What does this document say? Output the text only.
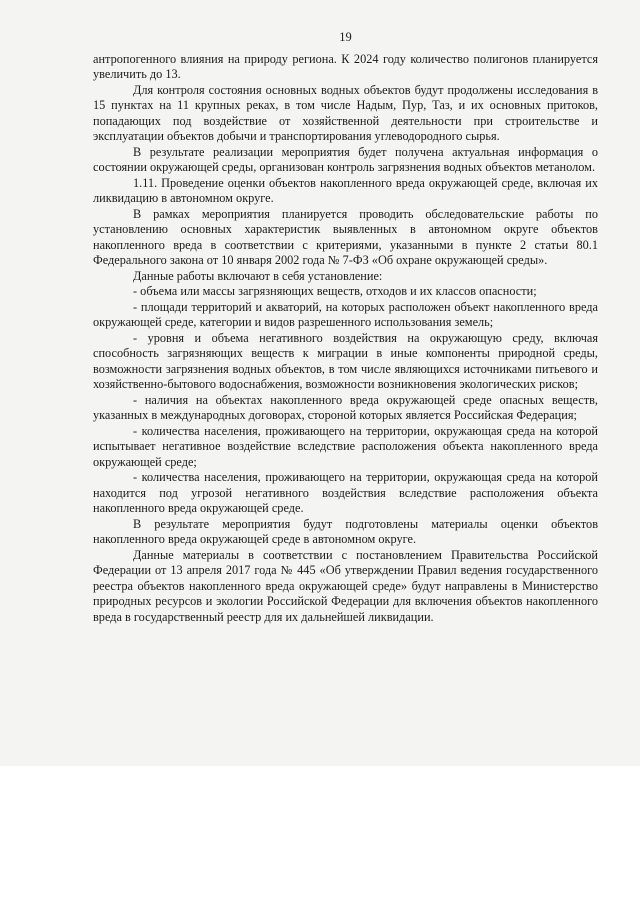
19

антропогенного влияния на природу региона. К 2024 году количество полигонов планируется увеличить до 13.

Для контроля состояния основных водных объектов будут продолжены исследования в 15 пунктах на 11 крупных реках, в том числе Надым, Пур, Таз, и их основных притоков, попадающих под воздействие от хозяйственной деятельности при строительстве и эксплуатации объектов добычи и транспортирования углеводородного сырья.

В результате реализации мероприятия будет получена актуальная информация о состоянии окружающей среды, организован контроль загрязнения водных объектов метанолом.

1.11. Проведение оценки объектов накопленного вреда окружающей среде, включая их ликвидацию в автономном округе.

В рамках мероприятия планируется проводить обследовательские работы по установлению основных характеристик выявленных в автономном округе объектов накопленного вреда в соответствии с критериями, указанными в пункте 2 статьи 80.1 Федерального закона от 10 января 2002 года № 7-ФЗ «Об охране окружающей среды».

Данные работы включают в себя установление:

- объема или массы загрязняющих веществ, отходов и их классов опасности;

- площади территорий и акваторий, на которых расположен объект накопленного вреда окружающей среде, категории и видов разрешенного использования земель;

- уровня и объема негативного воздействия на окружающую среду, включая способность загрязняющих веществ к миграции в иные компоненты природной среды, возможности загрязнения водных объектов, в том числе являющихся источниками питьевого и хозяйственно-бытового водоснабжения, возможности возникновения экологических рисков;

- наличия на объектах накопленного вреда окружающей среде опасных веществ, указанных в международных договорах, стороной которых является Российская Федерация;

- количества населения, проживающего на территории, окружающая среда на которой испытывает негативное воздействие вследствие расположения объекта накопленного вреда окружающей среде;

- количества населения, проживающего на территории, окружающая среда на которой находится под угрозой негативного воздействия вследствие расположения объекта накопленного вреда окружающей среде.

В результате мероприятия будут подготовлены материалы оценки объектов накопленного вреда окружающей среде в автономном округе.

Данные материалы в соответствии с постановлением Правительства Российской Федерации от 13 апреля 2017 года № 445 «Об утверждении Правил ведения государственного реестра объектов накопленного вреда окружающей среде» будут направлены в Министерство природных ресурсов и экологии Российской Федерации для включения объектов накопленного вреда в государственный реестр для их дальнейшей ликвидации.
